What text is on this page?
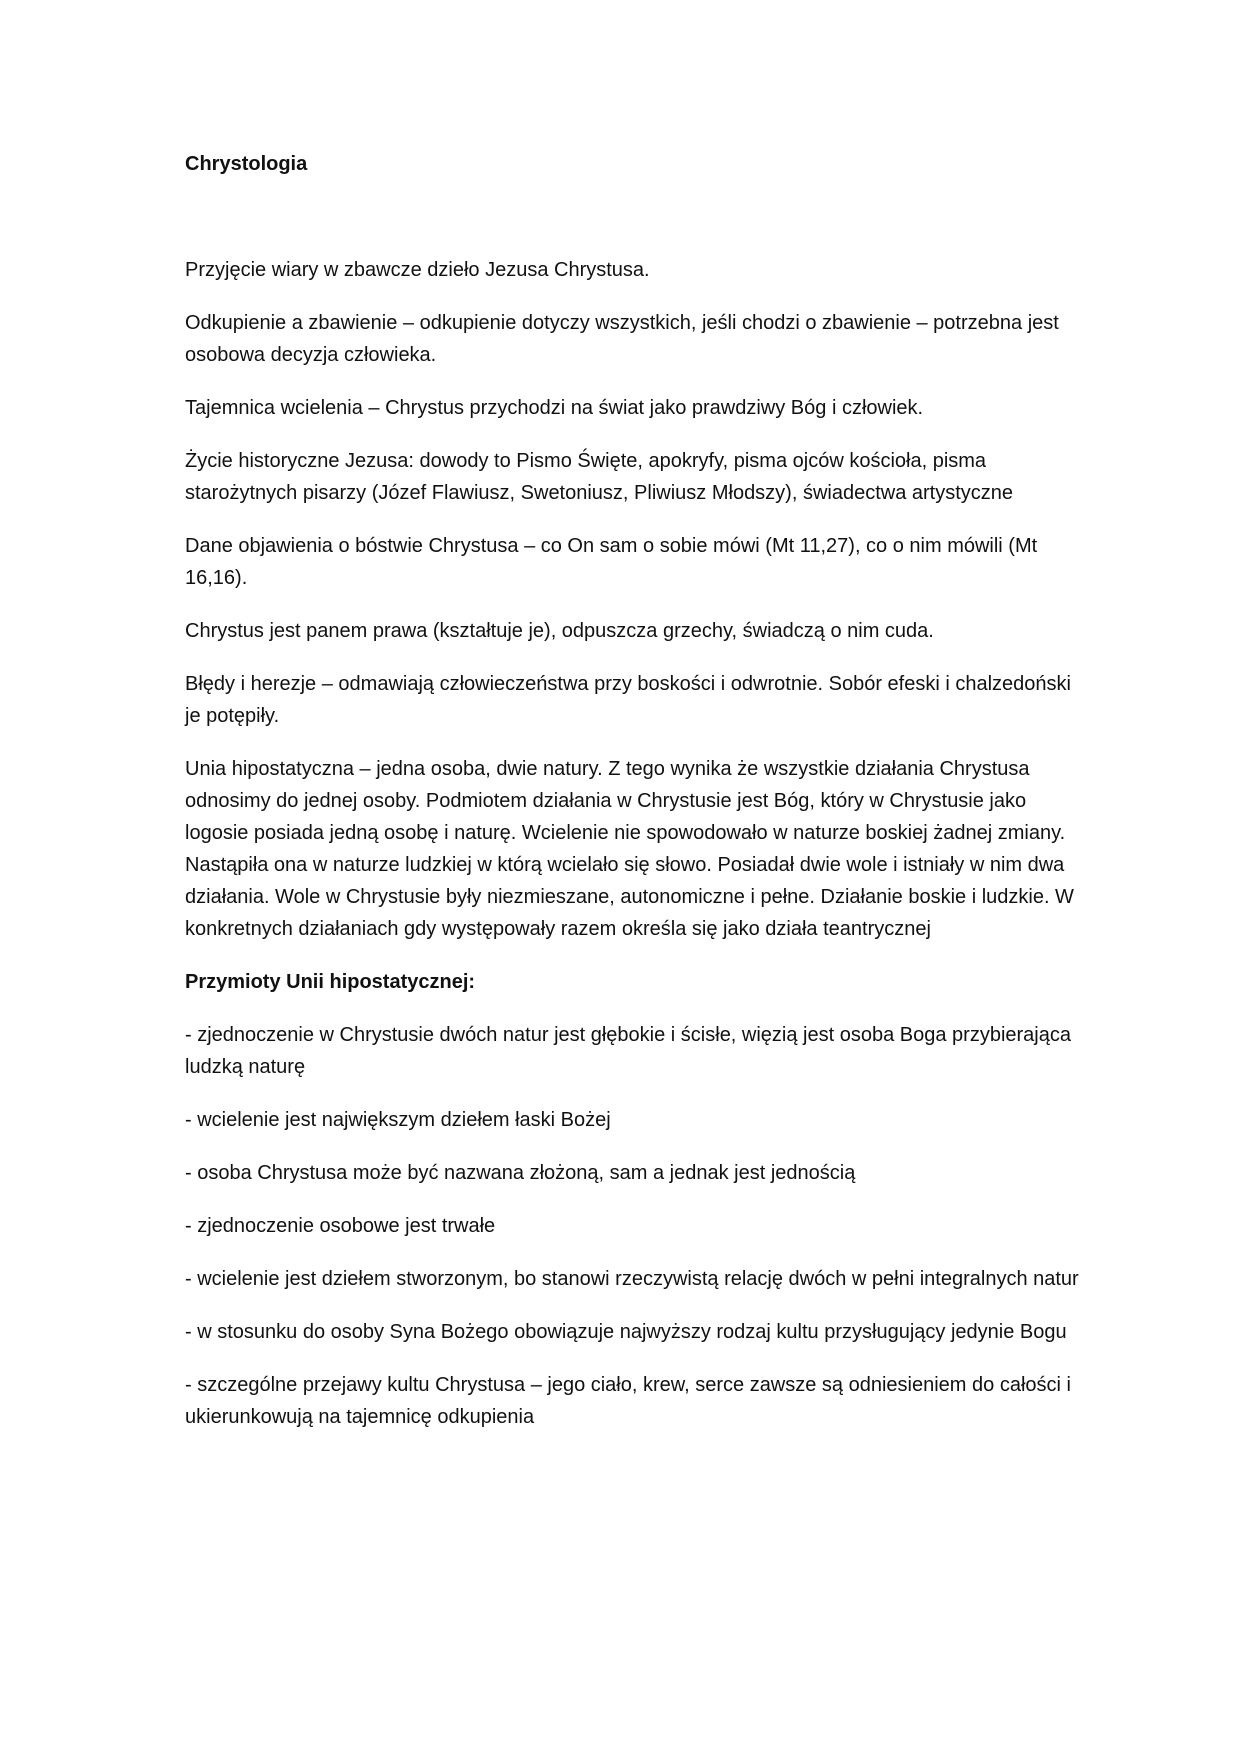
Chrystologia

Przyjęcie wiary w zbawcze dzieło Jezusa Chrystusa.

Odkupienie a zbawienie – odkupienie dotyczy wszystkich, jeśli chodzi o zbawienie – potrzebna jest osobowa decyzja człowieka.

Tajemnica wcielenia – Chrystus przychodzi na świat jako prawdziwy Bóg i człowiek.

Życie historyczne Jezusa: dowody to Pismo Święte, apokryfy, pisma ojców kościoła, pisma starożytnych pisarzy (Józef Flawiusz, Swetoniusz, Pliwiusz Młodszy), świadectwa artystyczne

Dane objawienia o bóstwie Chrystusa – co On sam o sobie mówi (Mt 11,27), co o nim mówili (Mt 16,16).

Chrystus jest panem prawa (kształtuje je), odpuszcza grzechy, świadczą o nim cuda.

Błędy i herezje – odmawiają człowieczeństwa przy boskości i odwrotnie. Sobór efeski i chalzedoński je potępiły.

Unia hipostatyczna – jedna osoba, dwie natury. Z tego wynika że wszystkie działania Chrystusa odnosimy do jednej osoby. Podmiotem działania w Chrystusie jest Bóg, który w Chrystusie jako logosie posiada jedną osobę i naturę. Wcielenie nie spowodowało w naturze boskiej żadnej zmiany. Nastąpiła ona w naturze ludzkiej w którą wcielało się słowo. Posiadał dwie wole i istniały w nim dwa działania. Wole w Chrystusie były niezmieszane, autonomiczne i pełne. Działanie boskie i ludzkie. W konkretnych działaniach gdy występowały razem określa się jako działa teantrycznej

Przymioty Unii hipostatycznej:

- zjednoczenie w Chrystusie dwóch natur jest głębokie i ścisłe, więzią jest osoba Boga przybierająca ludzką naturę

- wcielenie jest największym dziełem łaski Bożej

- osoba Chrystusa może być nazwana złożoną, sam a jednak jest jednością

- zjednoczenie osobowe jest trwałe

- wcielenie jest dziełem stworzonym, bo stanowi rzeczywistą relację dwóch w pełni integralnych natur

- w stosunku do osoby Syna Bożego obowiązuje najwyższy rodzaj kultu przysługujący jedynie Bogu

- szczególne przejawy kultu Chrystusa – jego ciało, krew, serce zawsze są odniesieniem do całości i ukierunkowują na tajemnicę odkupienia
